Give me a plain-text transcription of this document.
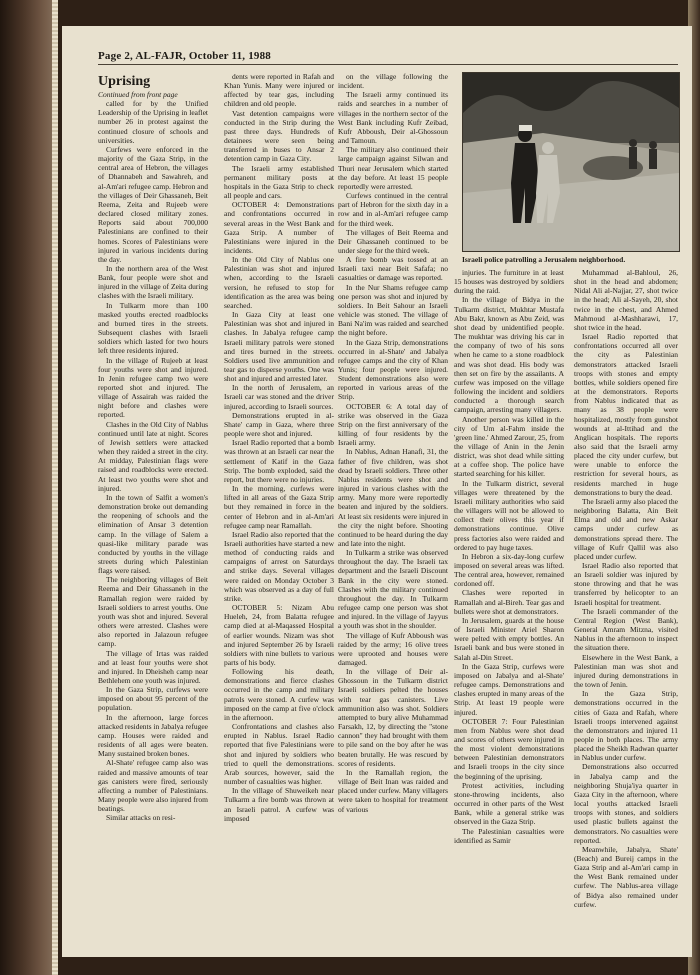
Page 2, AL-FAJR, October 11, 1988

Uprising

Continued from front page

called for by the Unified Leadership of the Uprising in leaflet number 26 in protest against the continued closure of schools and universities.

Curfews were enforced in the majority of the Gaza Strip, in the central area of Hebron, the villages of Dhannabeh and Sawahreh, and al-Am'ari refugee camp. Hebron and the villages of Deir Ghassaneh, Beit Reema, Zeita and Rujeeb were declared closed military zones. Reports said about 700,000 Palestinians are confined to their homes. Scores of Palestinians were injured in various incidents during the day.

In the northern area of the West Bank, four people were shot and injured in the village of Zeita during clashes with the Israeli military.

In Tulkarm more than 100 masked youths erected roadblocks and burned tires in the streets. Subsequent clashes with Israeli soldiers which lasted for two hours left three residents injured.

In the village of Rujeeb at least four youths were shot and injured. In Jenin refugee camp two were reported shot and injured. The village of Assairah was raided the night before and clashes were reported.

Clashes in the Old City of Nablus continued until late at night. Scores of Jewish settlers were attacked when they raided a street in the city. At midday, Palestinian flags were raised and roadblocks were erected. At least two youths were shot and injured.

In the town of Salfit a women's demonstration broke out demanding the reopening of schools and the elimination of Ansar 3 detention camp. In the village of Salem a quasi-like military parade was conducted by youths in the village streets during which Palestinian flags were raised.

The neighboring villages of Beit Reema and Deir Ghassaneh in the Ramallah region were raided by Israeli soldiers to arrest youths. One youth was shot and injured. Several others were arrested. Clashes were also reported in Jalazoun refugee camp.

The village of Irtas was raided and at least four youths were shot and injured. In Dheisheh camp near Bethlehem one youth was injured.

In the Gaza Strip, curfews were imposed on about 95 percent of the population.

In the afternoon, large forces attacked residents in Jabalya refugee camp. Houses were raided and residents of all ages were beaten. Many sustained broken bones.

Al-Shate' refugee camp also was raided and massive amounts of tear gas canisters were fired, seriously affecting a number of Palestinians. Many people were also injured from beatings.

Similar attacks on resi-

dents were reported in Rafah and Khan Yunis. Many were injured or affected by tear gas, including children and old people.

Vast detention campaigns were conducted in the Strip during the past three days. Hundreds of detainees were seen being transferred in buses to Ansar 2 detention camp in Gaza City.

The Israeli army established permanent military posts at hospitals in the Gaza Strip to check all people and cars.

OCTOBER 4: Demonstrations and confrontations occurred in several areas in the West Bank and Gaza Strip. A number of Palestinians were injured in the incidents.

In the Old City of Nablus one Palestinian was shot and injured when, according to the Israeli version, he refused to stop for identification as the area was being searched.

In Gaza City at least one Palestinian was shot and injured in clashes. In Jabalya refugee camp Israeli military patrols were stoned and tires burned in the streets. Soldiers used live ammunition and tear gas to disperse youths. One was shot and injured and arrested later.

In the north of Jerusalem, an Israeli car was stoned and the driver injured, according to Israeli sources.

Demonstrations erupted in al-Shate' camp in Gaza, where three people were shot and injured.

Israel Radio reported that a bomb was thrown at an Israeli car near the settlement of Katif in the Gaza Strip. The bomb exploded, said the report, but there were no injuries.

In the morning, curfews were lifted in all areas of the Gaza Strip but they remained in force in the center of Hebron and in al-Am'ari refugee camp near Ramallah.

Israel Radio also reported that the Israeli authorities have started a new method of conducting raids and campaigns of arrest on Saturdays and strike days. Several villages were raided on Monday October 3 which was observed as a day of full strike.

OCTOBER 5: Nizam Abu Hueleh, 24, from Balatta refugee camp died at al-Maqassed Hospital of earlier wounds. Nizam was shot and injured September 26 by Israeli soldiers with nine bullets to various parts of his body.

Following his death, demonstrations and fierce clashes occurred in the camp and military patrols were stoned. A curfew was imposed on the camp at five o'clock in the afternoon.

Confrontations and clashes also erupted in Nablus. Israel Radio reported that five Palestinians were shot and injured by soldiers who tried to quell the demonstrations. Arab sources, however, said the number of casualties was higher.

In the village of Shuweikeh near Tulkarm a fire bomb was thrown at an Israeli patrol. A curfew was imposed

on the village following the incident.

The Israeli army continued its raids and searches in a number of villages in the northern sector of the West Bank including Kufr Zeibad, Kufr Abboush, Deir al-Ghossoun and Tamoun.

The military also continued their large campaign against Silwan and Thuri near Jerusalem which started the day before. At least 15 people reportedly were arrested.

Curfews continued in the central part of Hebron for the sixth day in a row and in al-Am'ari refugee camp for the third week.

The villages of Beit Reema and Deir Ghassaneh continued to be under siege for the third week.

A fire bomb was tossed at an Israeli taxi near Beit Safafa; no casualties or damage was reported.

In the Nur Shams refugee camp one person was shot and injured by soldiers. In Beit Sahour an Israeli vehicle was stoned. The village of Bani Na'im was raided and searched the night before.

In the Gaza Strip, demonstrations occurred in al-Shate' and Jabalya refugee camps and the city of Khan Yunis; four people were injured. Student demonstrations also were reported in various areas of the Strip.

OCTOBER 6: A total day of strike was observed in the Gaza Strip on the first anniversary of the killing of four residents by the Israeli army.

In Nablus, Adnan Hanafi, 31, the father of five children, was shot dead by Israeli soldiers. Three other Nablus residents were shot and injured in various clashes with the army. Many more were reportedly beaten and injured by the soldiers. At least six residents were injured in the city the night before. Shooting continued to be heard during the day and late into the night.

In Tulkarm a strike was observed throughout the day. The Israeli tax department and the Israeli Discount Bank in the city were stoned. Clashes with the military continued throughout the day. In Tulkarm refugee camp one person was shot and injured. In the village of Jayyus a youth was shot in the shoulder.

The village of Kufr Abboush was raided by the army; 16 olive trees were uprooted and houses were damaged.

In the village of Deir al-Ghossoun in the Tulkarm district Israeli soldiers pelted the houses with tear gas canisters. Live ammunition also was shot. Soldiers attempted to bury alive Muhammad Farsakh, 12, by directing the "stone cannon" they had brought with them to pile sand on the boy after he was beaten brutally. He was rescued by scores of residents.

In the Ramallah region, the village of Beit Inan was raided and placed under curfew. Many villagers were taken to hospital for treatment of various

Israeli police patrolling a Jerusalem neighborhood.

injuries. The furniture in at least 15 houses was destroyed by soldiers during the raid.

In the village of Bidya in the Tulkarm district, Mukhtar Mustafa Abu Bakr, known as Abu Zeid, was shot dead by unidentified people. The mukhtar was driving his car in the company of two of his sons when he came to a stone roadblock and was shot dead. His body was then set on fire by the assailants. A curfew was imposed on the village following the incident and soldiers conducted a thorough search campaign, arresting many villagers.

Another person was killed in the city of Um al-Fahm inside the 'green line.' Ahmed Zarour, 25, from the village of Anin in the Jenin district, was shot dead while sitting at a coffee shop. The police have started searching for his killer.

In the Tulkarm district, several villages were threatened by the Israeli military authorities who said the villagers will not be allowed to collect their olives this year if demonstrations continue. Olive press factories also were raided and ordered to pay huge taxes.

In Hebron a six-day-long curfew imposed on several areas was lifted. The central area, however, remained cordoned off.

Clashes were reported in Ramallah and al-Bireh. Tear gas and bullets were shot at demonstrators.

In Jerusalem, guards at the house of Israeli Minister Ariel Sharon were pelted with empty bottles. An Israeli bank and bus were stoned in Salah al-Din Street.

In the Gaza Strip, curfews were imposed on Jabalya and al-Shate' refugee camps. Demonstrations and clashes erupted in many areas of the Strip. At least 19 people were injured.

OCTOBER 7: Four Palestinian men from Nablus were shot dead and scores of others were injured in the most violent demonstrations between Palestinian demonstrators and Israeli troops in the city since the beginning of the uprising.

Protest activities, including stone-throwing incidents, also occurred in other parts of the West Bank, while a general strike was observed in the Gaza Strip.

The Palestinian casualties were identified as Samir

Muhammad al-Bahloul, 26, shot in the head and abdomen; Nidal Ali al-Najjar, 27, shot twice in the head; Ali al-Sayeh, 20, shot twice in the chest, and Ahmed Mahmoud al-Mashharawi, 17, shot twice in the head.

Israel Radio reported that confrontations occurred all over the city as Palestinian demonstrators attacked Israeli troops with stones and empty bottles, while soldiers opened fire at the demonstrators. Reports from Nablus indicated that as many as 38 people were hospitalized, mostly from gunshot wounds at al-Ittihad and the Anglican hospitals. The reports also said that the Israeli army placed the city under curfew, but were unable to enforce the restriction for several hours, as residents marched in huge demonstrations to bury the dead.

The Israeli army also placed the neighboring Balatta, Ain Beit Elma and old and new Askar camps under curfew as demonstrations spread there. The village of Kufr Qallil was also placed under curfew.

Israel Radio also reported that an Israeli soldier was injured by stone throwing and that he was transferred by helicopter to an Israeli hospital for treatment.

The Israeli commander of the Central Region (West Bank), General Amram Mitzna, visited Nablus in the afternoon to inspect the situation there.

Elsewhere in the West Bank, a Palestinian man was shot and injured during demonstrations in the town of Jenin.

In the Gaza Strip, demonstrations occurred in the cities of Gaza and Rafah, where Israeli troops intervened against the demonstrators and injured 11 people in both places. The army placed the Sheikh Radwan quarter in Nablus under curfew.

Demonstrations also occurred in Jabalya camp and the neighboring Shuja'iya quarter in Gaza City in the afternoon, where local youths attacked Israeli troops with stones, and soldiers used plastic bullets against the demonstrators. No casualties were reported.

Meanwhile, Jabalya, Shate' (Beach) and Bureij camps in the Gaza Strip and al-Am'ari camp in the West Bank remained under curfew. The Nablus-area village of Bidya also remained under curfew.
